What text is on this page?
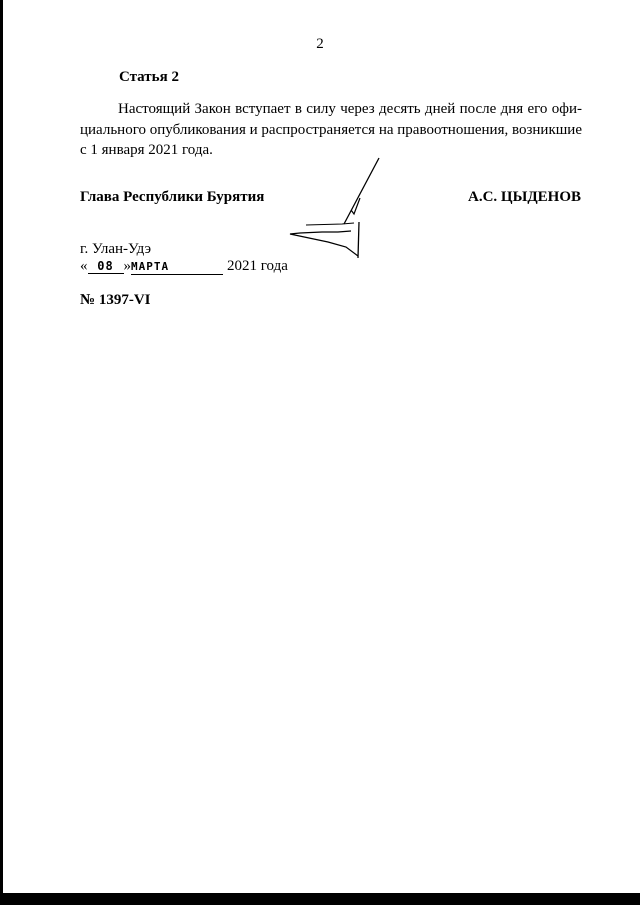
2
Статья 2
Настоящий Закон вступает в силу через десять дней после дня его официального опубликования и распространяется на правоотношения, возникшие с 1 января 2021 года.
Глава Республики Бурятия	А.С. ЦЫДЕНОВ
г. Улан-Удэ
« 08 »МАРТА	2021 года
№ 1397-VI
